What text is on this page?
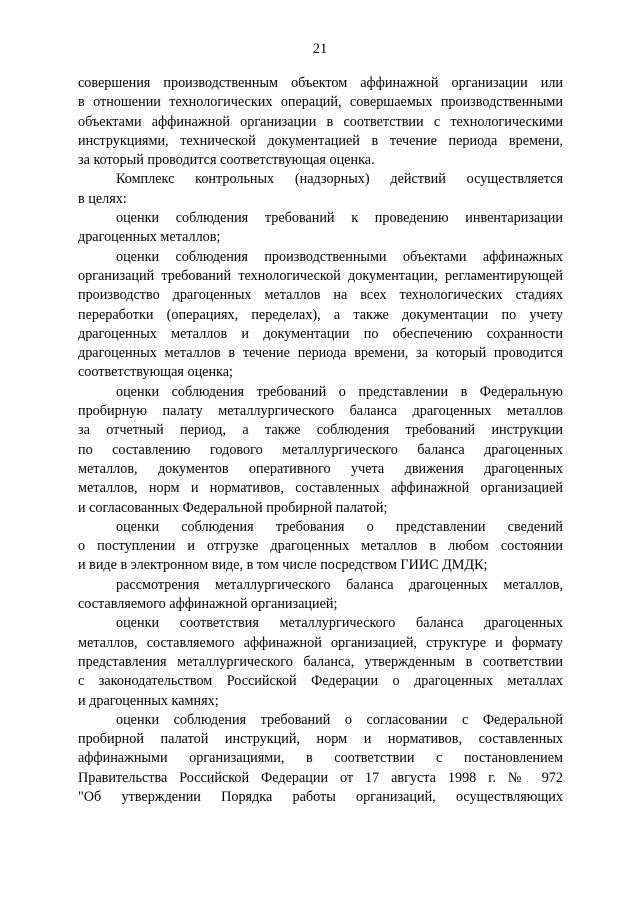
21
совершения производственным объектом аффинажной организации или
в отношении технологических операций, совершаемых производственными
объектами аффинажной организации в соответствии с технологическими
инструкциями, технической документацией в течение периода времени,
за который проводится соответствующая оценка.
Комплекс контрольных (надзорных) действий осуществляется
в целях:
оценки соблюдения требований к проведению инвентаризации
драгоценных металлов;
оценки соблюдения производственными объектами аффинажных
организаций требований технологической документации, регламентирующей
производство драгоценных металлов на всех технологических стадиях
переработки (операциях, переделах), а также документации по учету
драгоценных металлов и документации по обеспечению сохранности
драгоценных металлов в течение периода времени, за который проводится
соответствующая оценка;
оценки соблюдения требований о представлении в Федеральную
пробирную палату металлургического баланса драгоценных металлов
за отчетный период, а также соблюдения требований инструкции
по составлению годового металлургического баланса драгоценных
металлов, документов оперативного учета движения драгоценных
металлов, норм и нормативов, составленных аффинажной организацией
и согласованных Федеральной пробирной палатой;
оценки соблюдения требования о представлении сведений
о поступлении и отгрузке драгоценных металлов в любом состоянии
и виде в электронном виде, в том числе посредством ГИИС ДМДК;
рассмотрения металлургического баланса драгоценных металлов,
составляемого аффинажной организацией;
оценки соответствия металлургического баланса драгоценных
металлов, составляемого аффинажной организацией, структуре и формату
представления металлургического баланса, утвержденным в соответствии
с законодательством Российской Федерации о драгоценных металлах
и драгоценных камнях;
оценки соблюдения требований о согласовании с Федеральной
пробирной палатой инструкций, норм и нормативов, составленных
аффинажными организациями, в соответствии с постановлением
Правительства Российской Федерации от 17 августа 1998 г. № 972
"Об утверждении Порядка работы организаций, осуществляющих
